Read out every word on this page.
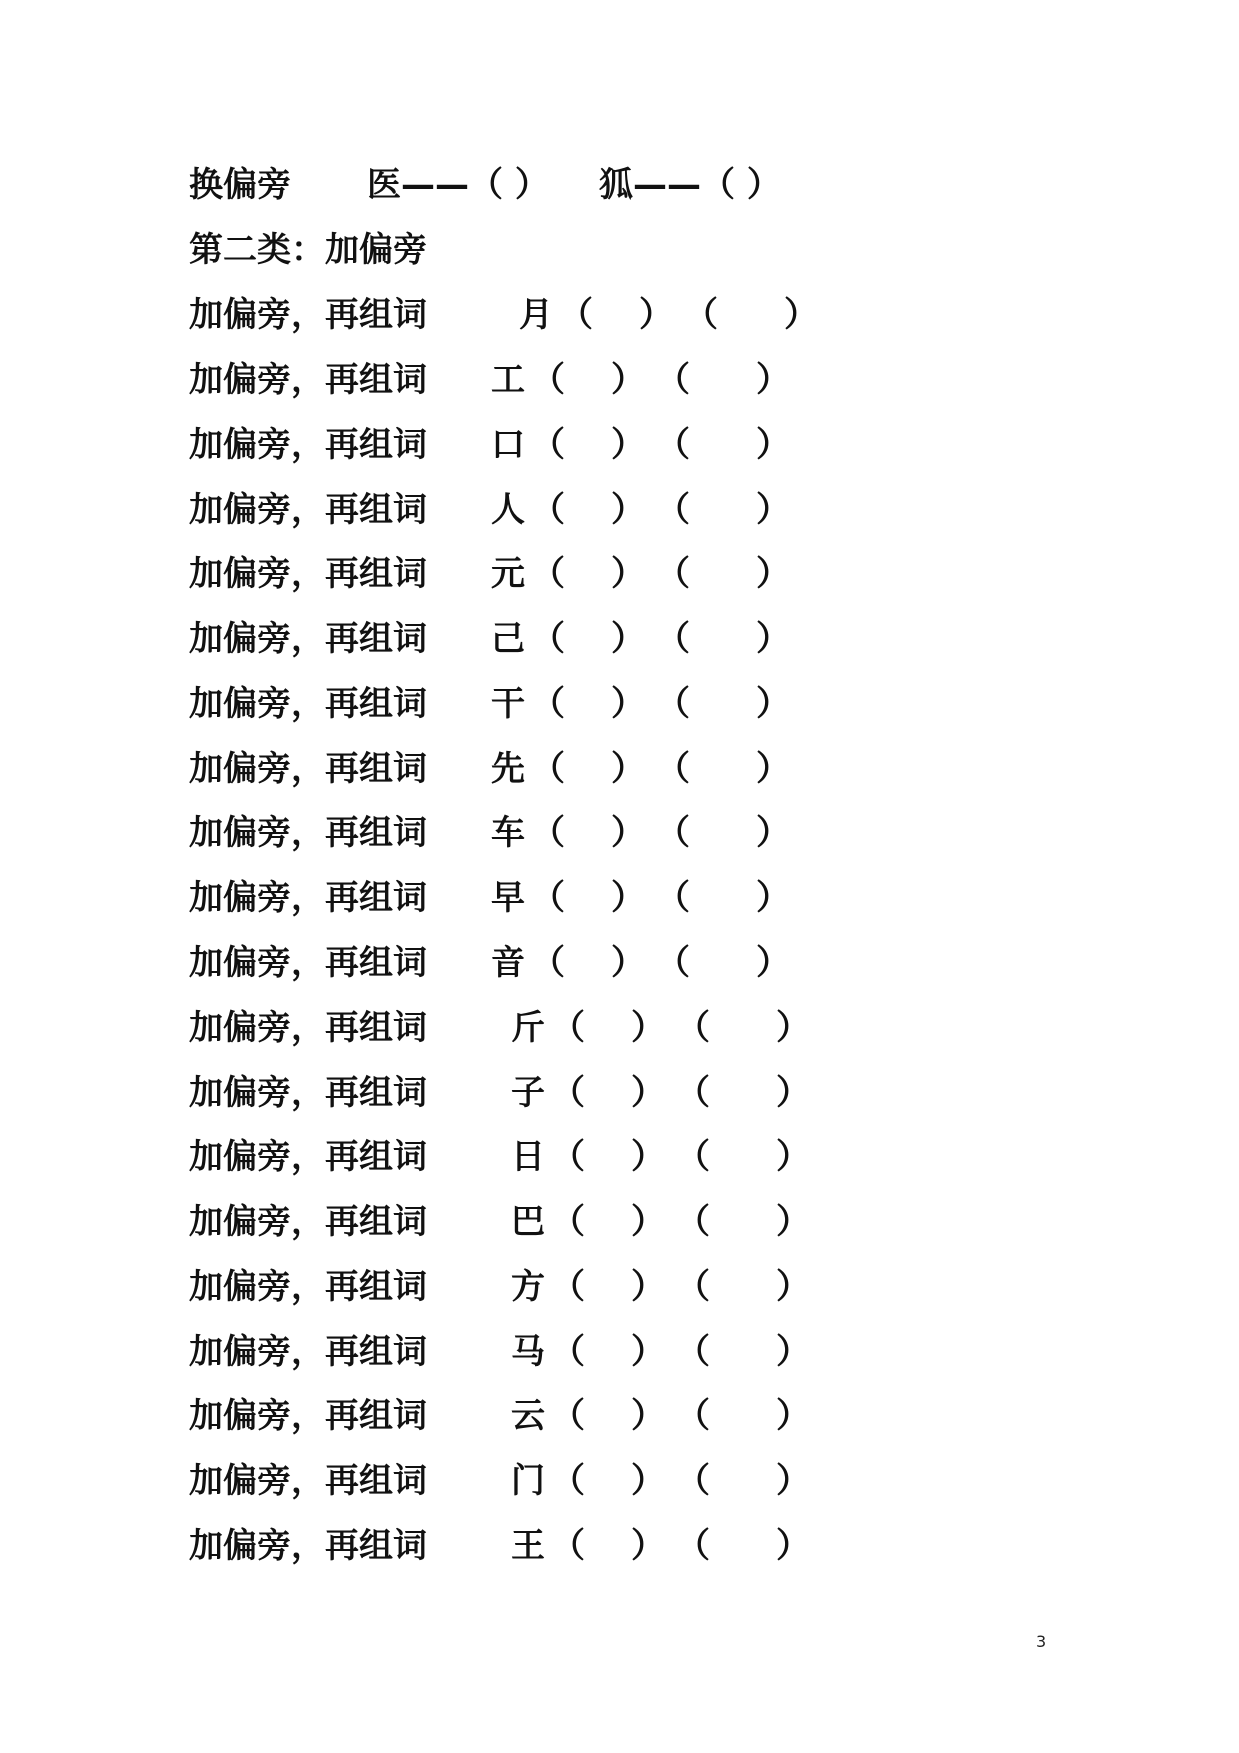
换偏旁 医——（ ） 狐——（ ）
第二类：加偏旁
加偏旁，再组词	月 （ ） （ ）
加偏旁，再组词 工 （ ） （ ）
加偏旁，再组词 口 （ ） （ ）
加偏旁，再组词 人 （ ） （ ）
加偏旁，再组词 元 （ ） （ ）
加偏旁，再组词 己 （ ） （ ）
加偏旁，再组词 干 （ ） （ ）
加偏旁，再组词 先 （ ） （ ）
加偏旁，再组词 车 （ ） （ ）
加偏旁，再组词 早 （ ） （ ）
加偏旁，再组词 音 （ ） （ ）
加偏旁，再组词 斤 （ ） （ ）
加偏旁，再组词 子 （ ） （ ）
加偏旁，再组词 日 （ ） （ ）
加偏旁，再组词 巴 （ ） （ ）
加偏旁，再组词 方 （ ） （ ）
加偏旁，再组词 马 （ ） （ ）
加偏旁，再组词 云 （ ） （ ）
加偏旁，再组词 门 （ ） （ ）
加偏旁，再组词 王 （ ） （ ）
3
